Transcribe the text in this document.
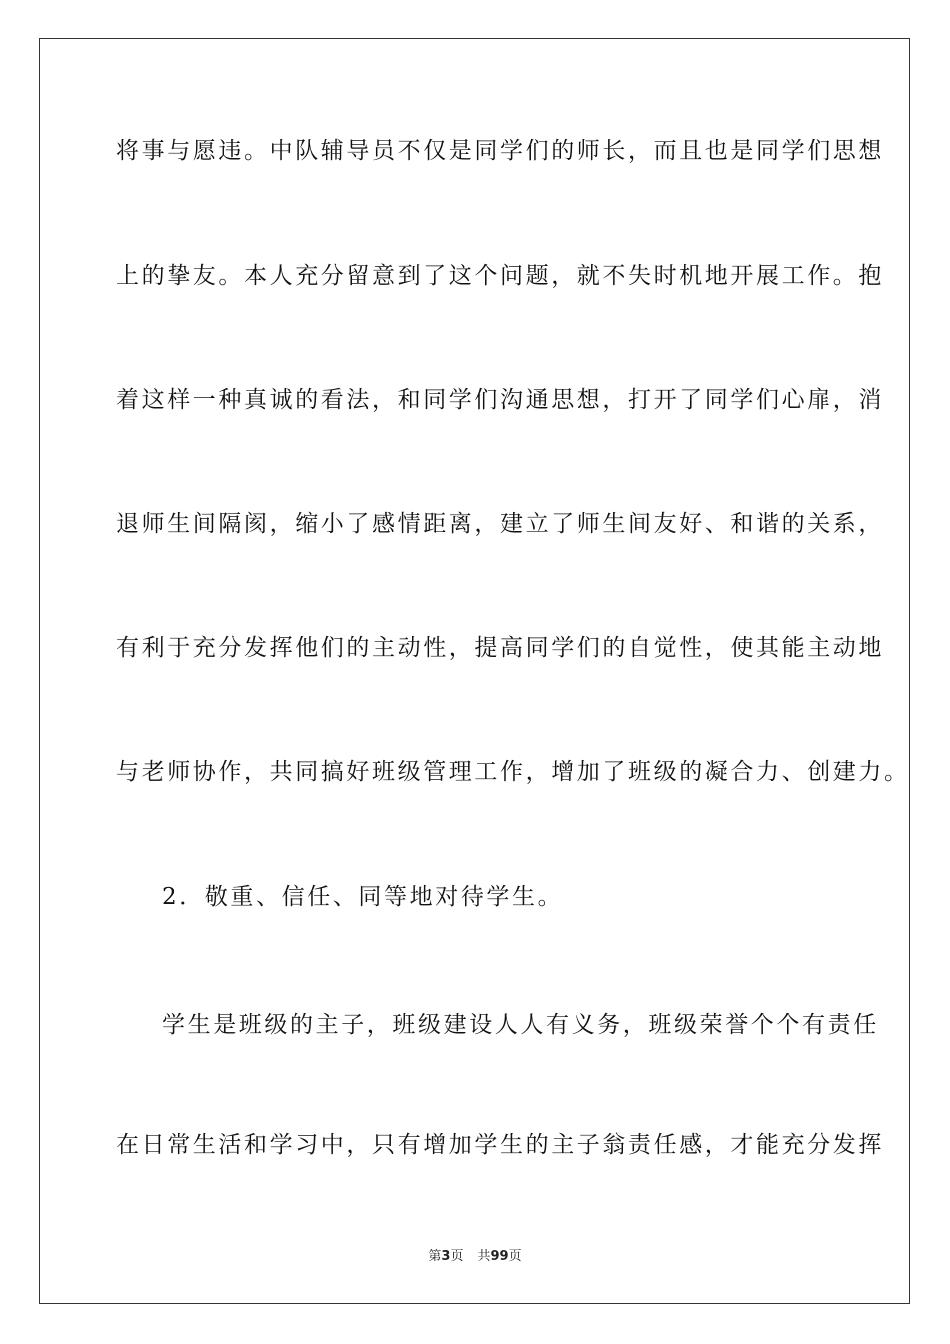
将事与愿违。中队辅导员不仅是同学们的师长，而且也是同学们思想
上的挚友。本人充分留意到了这个问题，就不失时机地开展工作。抱
着这样一种真诚的看法，和同学们沟通思想，打开了同学们心扉，消
退师生间隔阂，缩小了感情距离，建立了师生间友好、和谐的关系，
有利于充分发挥他们的主动性，提高同学们的自觉性，使其能主动地
与老师协作，共同搞好班级管理工作，增加了班级的凝合力、创建力。
2．敬重、信任、同等地对待学生。
学生是班级的主子，班级建设人人有义务，班级荣誉个个有责任
在日常生活和学习中，只有增加学生的主子翁责任感，才能充分发挥
第3页 共99页
